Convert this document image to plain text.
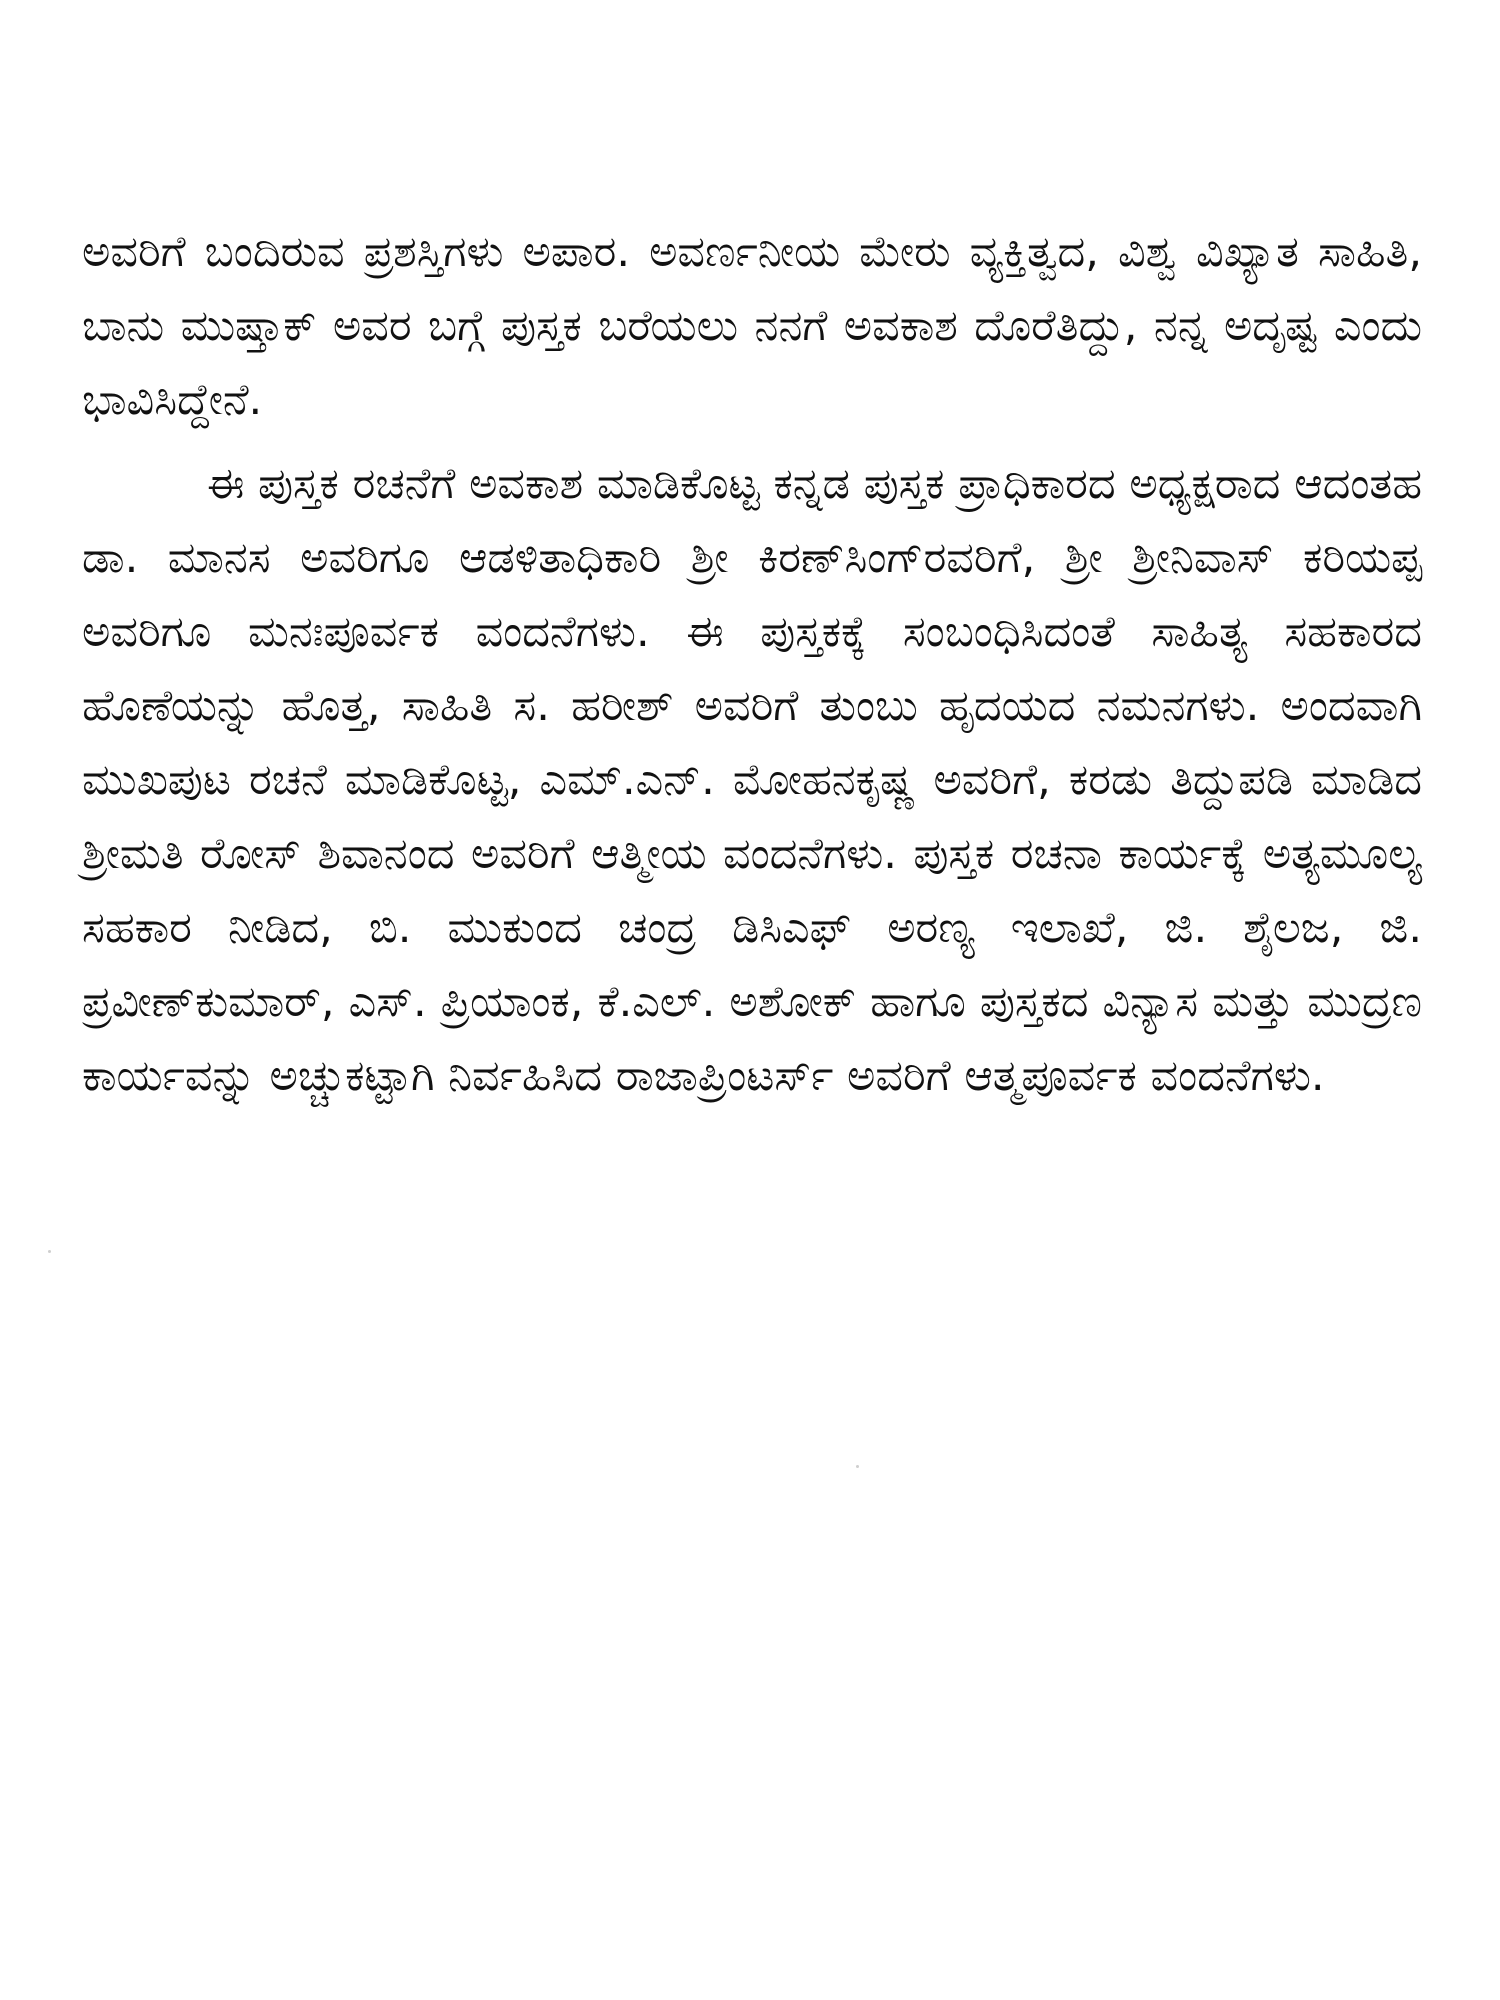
ಅವರಿಗೆ ಬಂದಿರುವ ಪ್ರಶಸ್ತಿಗಳು ಅಪಾರ. ಅವರ್ಣನೀಯ ಮೇರು ವ್ಯಕ್ತಿತ್ವದ, ವಿಶ್ವ ವಿಖ್ಯಾತ ಸಾಹಿತಿ, ಬಾನು ಮುಷ್ತಾಕ್ ಅವರ ಬಗ್ಗೆ ಪುಸ್ತಕ ಬರೆಯಲು ನನಗೆ ಅವಕಾಶ ದೊರೆತಿದ್ದು, ನನ್ನ ಅದೃಷ್ಟ ಎಂದು ಭಾವಿಸಿದ್ದೇನೆ.

ಈ ಪುಸ್ತಕ ರಚನೆಗೆ ಅವಕಾಶ ಮಾಡಿಕೊಟ್ಟ ಕನ್ನಡ ಪುಸ್ತಕ ಪ್ರಾಧಿಕಾರದ ಅಧ್ಯಕ್ಷರಾದ ಆದಂತಹ ಡಾ. ಮಾನಸ ಅವರಿಗೂ ಆಡಳಿತಾಧಿಕಾರಿ ಶ್ರೀ ಕಿರಣ್‌ಸಿಂಗ್‌ರವರಿಗೆ, ಶ್ರೀ ಶ್ರೀನಿವಾಸ್ ಕರಿಯಪ್ಪ ಅವರಿಗೂ ಮನಃಪೂರ್ವಕ ವಂದನೆಗಳು. ಈ ಪುಸ್ತಕಕ್ಕೆ ಸಂಬಂಧಿಸಿದಂತೆ ಸಾಹಿತ್ಯ ಸಹಕಾರದ ಹೊಣೆಯನ್ನು ಹೊತ್ತ, ಸಾಹಿತಿ ಸ. ಹರೀಶ್ ಅವರಿಗೆ ತುಂಬು ಹೃದಯದ ನಮನಗಳು. ಅಂದವಾಗಿ ಮುಖಪುಟ ರಚನೆ ಮಾಡಿಕೊಟ್ಟ, ಎಮ್.ಎನ್. ಮೋಹನಕೃಷ್ಣ ಅವರಿಗೆ, ಕರಡು ತಿದ್ದುಪಡಿ ಮಾಡಿದ ಶ್ರೀಮತಿ ರೋಸ್ ಶಿವಾನಂದ ಅವರಿಗೆ ಆತ್ಮೀಯ ವಂದನೆಗಳು. ಪುಸ್ತಕ ರಚನಾ ಕಾರ್ಯಕ್ಕೆ ಅತ್ಯಮೂಲ್ಯ ಸಹಕಾರ ನೀಡಿದ, ಬಿ. ಮುಕುಂದ ಚಂದ್ರ ಡಿಸಿಎಫ್ ಅರಣ್ಯ ಇಲಾಖೆ, ಜಿ. ಶೈಲಜ, ಜಿ. ಪ್ರವೀಣ್‌ಕುಮಾರ್, ಎಸ್. ಪ್ರಿಯಾಂಕ, ಕೆ.ಎಲ್. ಅಶೋಕ್ ಹಾಗೂ ಪುಸ್ತಕದ ವಿನ್ಯಾಸ ಮತ್ತು ಮುದ್ರಣ ಕಾರ್ಯವನ್ನು ಅಚ್ಚುಕಟ್ಟಾಗಿ ನಿರ್ವಹಿಸಿದ ರಾಜಾಪ್ರಿಂಟರ್ಸ್ ಅವರಿಗೆ ಆತ್ಮಪೂರ್ವಕ ವಂದನೆಗಳು.
